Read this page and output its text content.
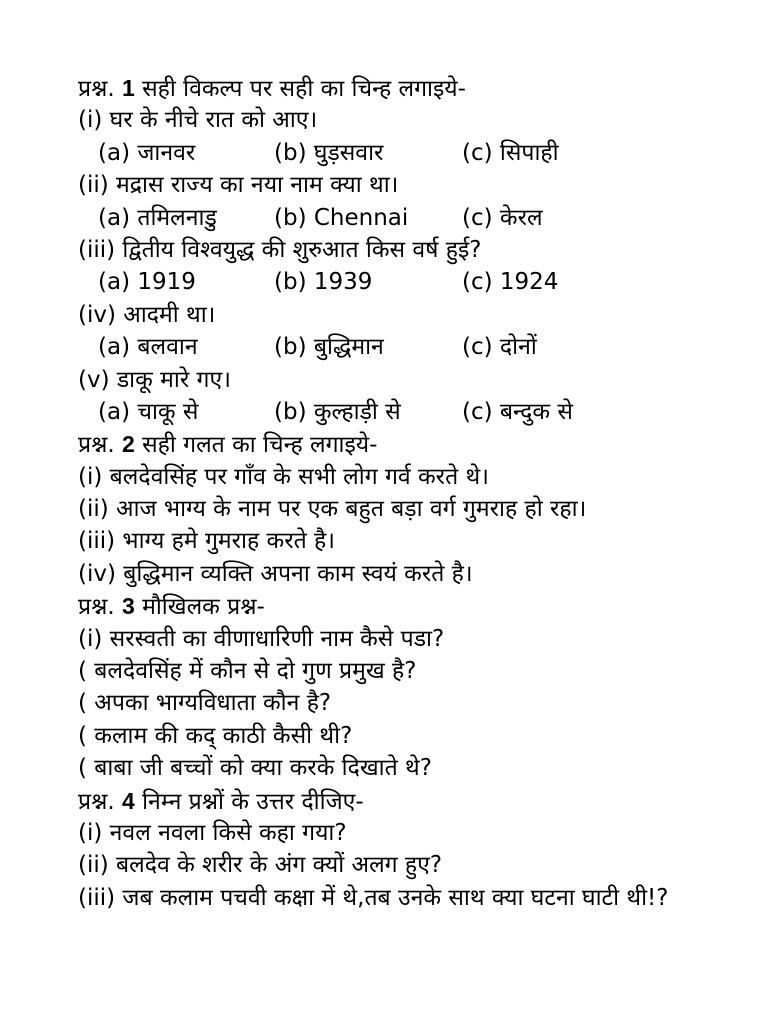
प्रश्न. 1 सही विकल्प पर सही का चिन्ह लगाइये-
(i) घर के नीचे रात को आए।
(a) जानवर	(b) घुड़सवार	(c) सिपाही
(ii) मद्रास राज्य का नया नाम क्या था।
(a) तमिलनाडु	(b) Chennai	(c) केरल
(iii) द्वितीय विश्वयुद्ध की शुरुआत किस वर्ष हुई?
(a) 1919	(b) 1939	(c) 1924
(iv) आदमी था।
(a) बलवान	(b) बुद्धिमान	(c) दोनों
(v) डाकू मारे गए।
(a) चाकू से	(b) कुल्हाड़ी से	(c) बन्दुक से
प्रश्न. 2 सही गलत का चिन्ह लगाइये-
(i) बलदेवसिंह पर गाँव के सभी लोग गर्व करते थे।
(ii) आज भाग्य के नाम पर एक बहुत बड़ा वर्ग गुमराह हो रहा।
(iii) भाग्य हमे गुमराह करते है।
(iv) बुद्धिमान व्यक्ति अपना काम स्वयं करते है।
प्रश्न. 3 मौखिलक प्रश्न-
(i) सरस्वती का वीणाधारिणी नाम कैसे पडा?
( बलदेवसिंह में कौन से दो गुण प्रमुख है?
( अपका भाग्यविधाता कौन है?
( कलाम की कद् काठी कैसी थी?
( बाबा जी बच्चों को क्या करके दिखाते थे?
प्रश्न. 4 निम्न प्रश्नों के उत्तर दीजिए-
(i) नवल नवला किसे कहा गया?
(ii) बलदेव के शरीर के अंग क्यों अलग हुए?
(iii) जब कलाम पचवी कक्षा में थे,तब उनके साथ क्या घटना घाटी थी!?
